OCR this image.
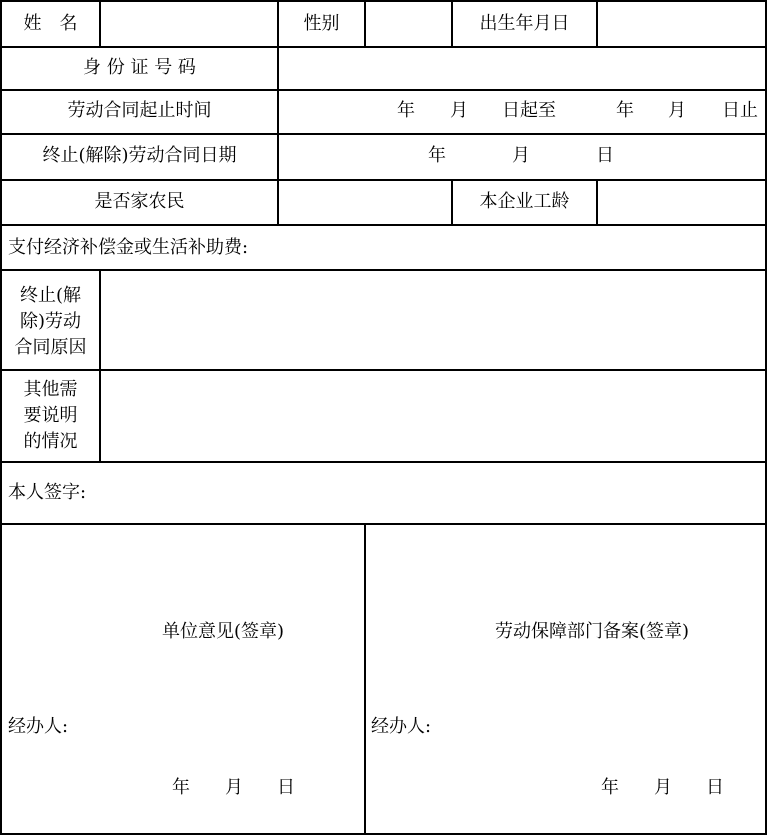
姓　名	性别	出生年月日
身 份 证 号 码
劳动合同起止时间	年 月 日起至	年 月 日止
终止(解除)劳动合同日期	年	月	日
是否家农民	本企业工龄
支付经济补偿金或生活补助费:
终止(解
除)劳动
合同原因
其他需
要说明
的情况
本人签字:
单位意见(签章)
经办人:
年 月 日
劳动保障部门备案(签章)
经办人:
年 月 日
